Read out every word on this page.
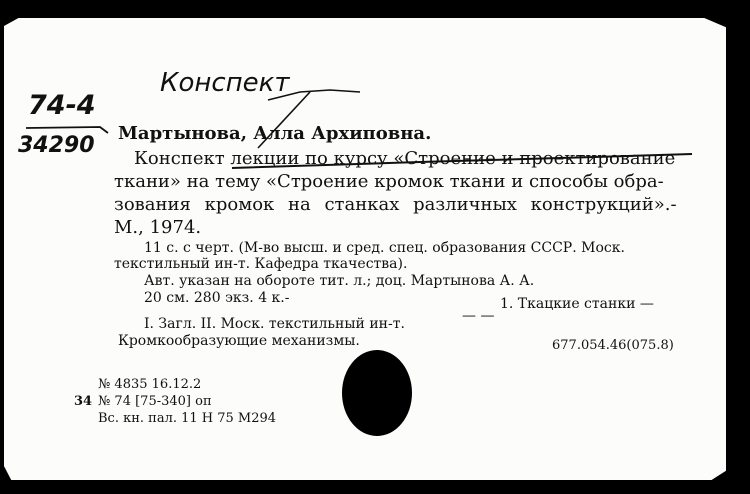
Конспект
74-4
34290 Мартынова, Алла Архиповна.
Конспект лекции по курсу «Строение и проектирование
ткани» на тему «Строение кромок ткани и способы обра-
зования кромок на станках различных конструкций».-
М., 1974.
11 с. с черт. (М-во высш. и сред. спец. образования СССР. Моск.
текстильный ин-т. Кафедра ткачества).
Авт. указан на обороте тит. л.; доц. Мартынова А. А.
20 см. 280 экз. 4 к.-
I. Загл. II. Моск. текстильный ин-т.	— —
1. Ткацкие станки —
Кромкообразующие механизмы.	677.054.46(075.8)
№ 4835 16.12.2
34 № 74 [75-340] оп
Вс. кн. пал. 11 Н 75 М294
